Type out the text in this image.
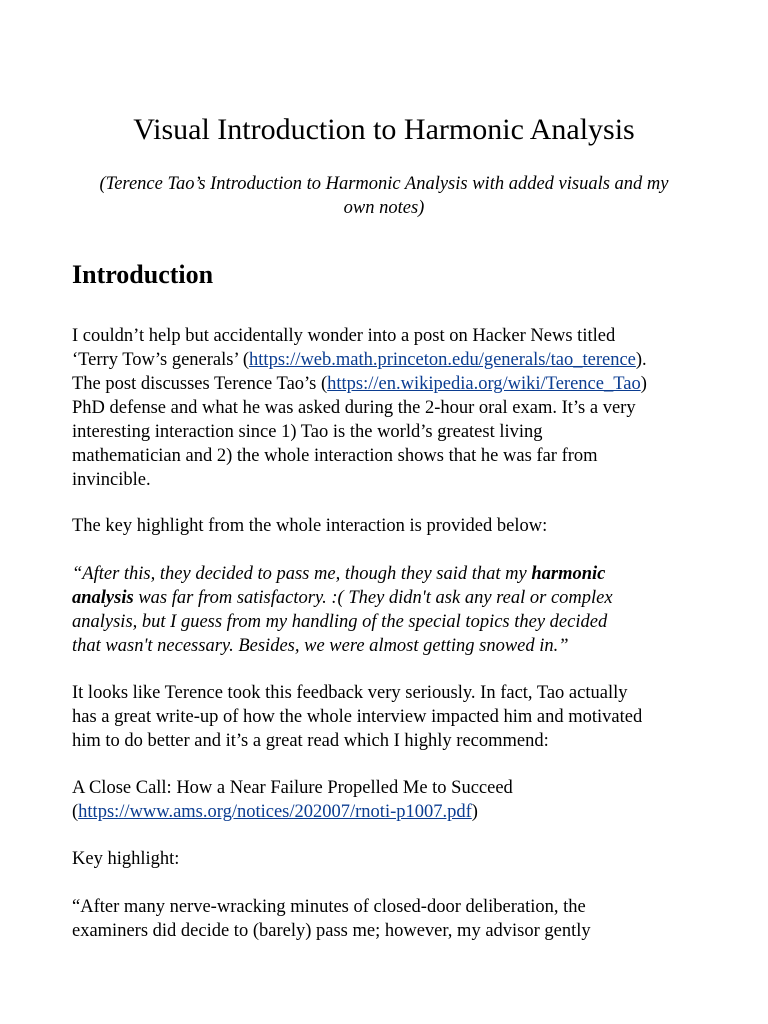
Visual Introduction to Harmonic Analysis
(Terence Tao’s Introduction to Harmonic Analysis with added visuals and my
own notes)
Introduction
I couldn’t help but accidentally wonder into a post on Hacker News titled
‘Terry Tow’s generals’ (https://web.math.princeton.edu/generals/tao_terence).
The post discusses Terence Tao’s (https://en.wikipedia.org/wiki/Terence_Tao)
PhD defense and what he was asked during the 2-hour oral exam. It’s a very
interesting interaction since 1) Tao is the world’s greatest living
mathematician and 2) the whole interaction shows that he was far from
invincible.
The key highlight from the whole interaction is provided below:
“After this, they decided to pass me, though they said that my harmonic
analysis was far from satisfactory. :( They didn't ask any real or complex
analysis, but I guess from my handling of the special topics they decided
that wasn't necessary. Besides, we were almost getting snowed in.”
It looks like Terence took this feedback very seriously. In fact, Tao actually
has a great write-up of how the whole interview impacted him and motivated
him to do better and it’s a great read which I highly recommend:
A Close Call: How a Near Failure Propelled Me to Succeed
(https://www.ams.org/notices/202007/rnoti-p1007.pdf)
Key highlight:
“After many nerve-wracking minutes of closed-door deliberation, the
examiners did decide to (barely) pass me; however, my advisor gently
